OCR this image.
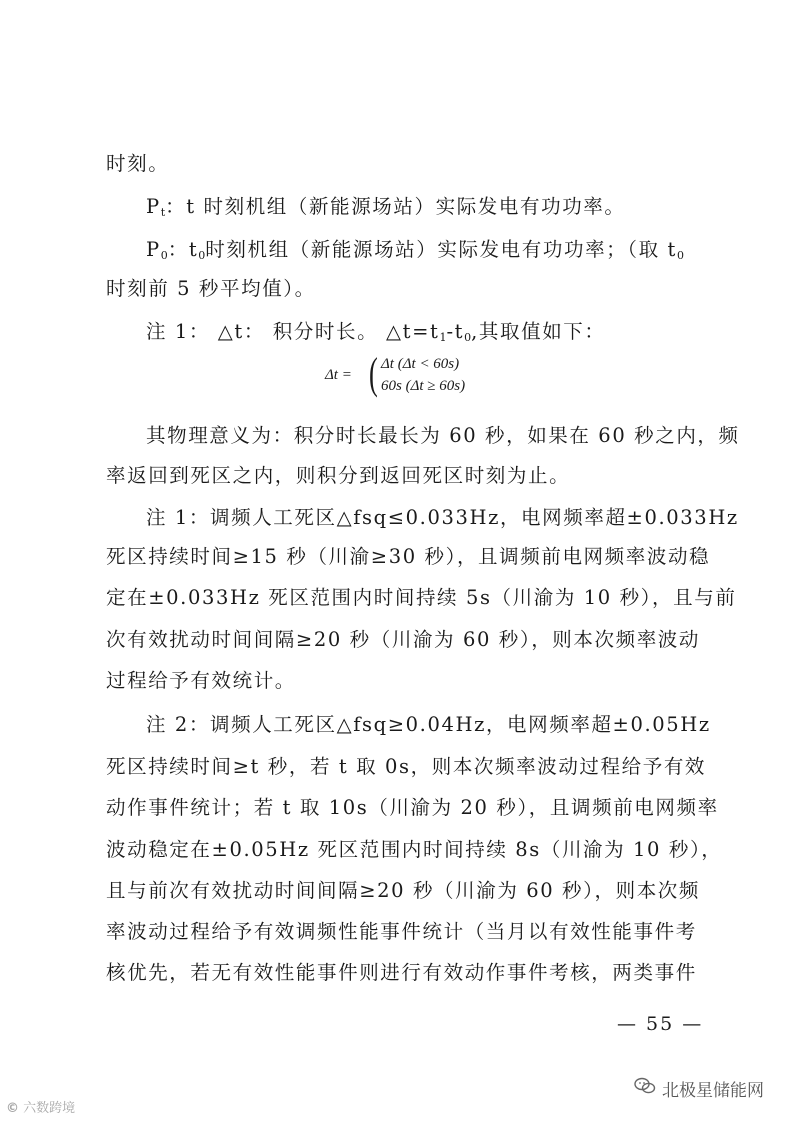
时刻。
$P_t$：t 时刻机组（新能源场站）实际发电有功功率。
$P_0$：$t_0$时刻机组（新能源场站）实际发电有功功率；（取 $t_0$
时刻前 5 秒平均值）。
注 1： △t： 积分时长。 $\triangle t=t_1-t_0$,其取值如下：
Δt = ( Δt (Δt < 60s)
60s (Δt ≥ 60s)
其物理意义为：积分时长最长为 60 秒，如果在 60 秒之内，频
率返回到死区之内，则积分到返回死区时刻为止。
注 1：调频人工死区△fsq≤0.033Hz，电网频率超±0.033Hz
死区持续时间≥15 秒（川渝≥30 秒），且调频前电网频率波动稳
定在±0.033Hz 死区范围内时间持续 5s（川渝为 10 秒），且与前
次有效扰动时间间隔≥20 秒（川渝为 60 秒），则本次频率波动
过程给予有效统计。
注 2：调频人工死区△fsq≥0.04Hz，电网频率超±0.05Hz
死区持续时间≥t 秒，若 t 取 0s，则本次频率波动过程给予有效
动作事件统计；若 t 取 10s（川渝为 20 秒），且调频前电网频率
波动稳定在±0.05Hz 死区范围内时间持续 8s（川渝为 10 秒），
且与前次有效扰动时间间隔≥20 秒（川渝为 60 秒），则本次频
率波动过程给予有效调频性能事件统计（当月以有效性能事件考
核优先，若无有效性能事件则进行有效动作事件考核，两类事件
— 55 —
北极星储能网
© 六数跨境
